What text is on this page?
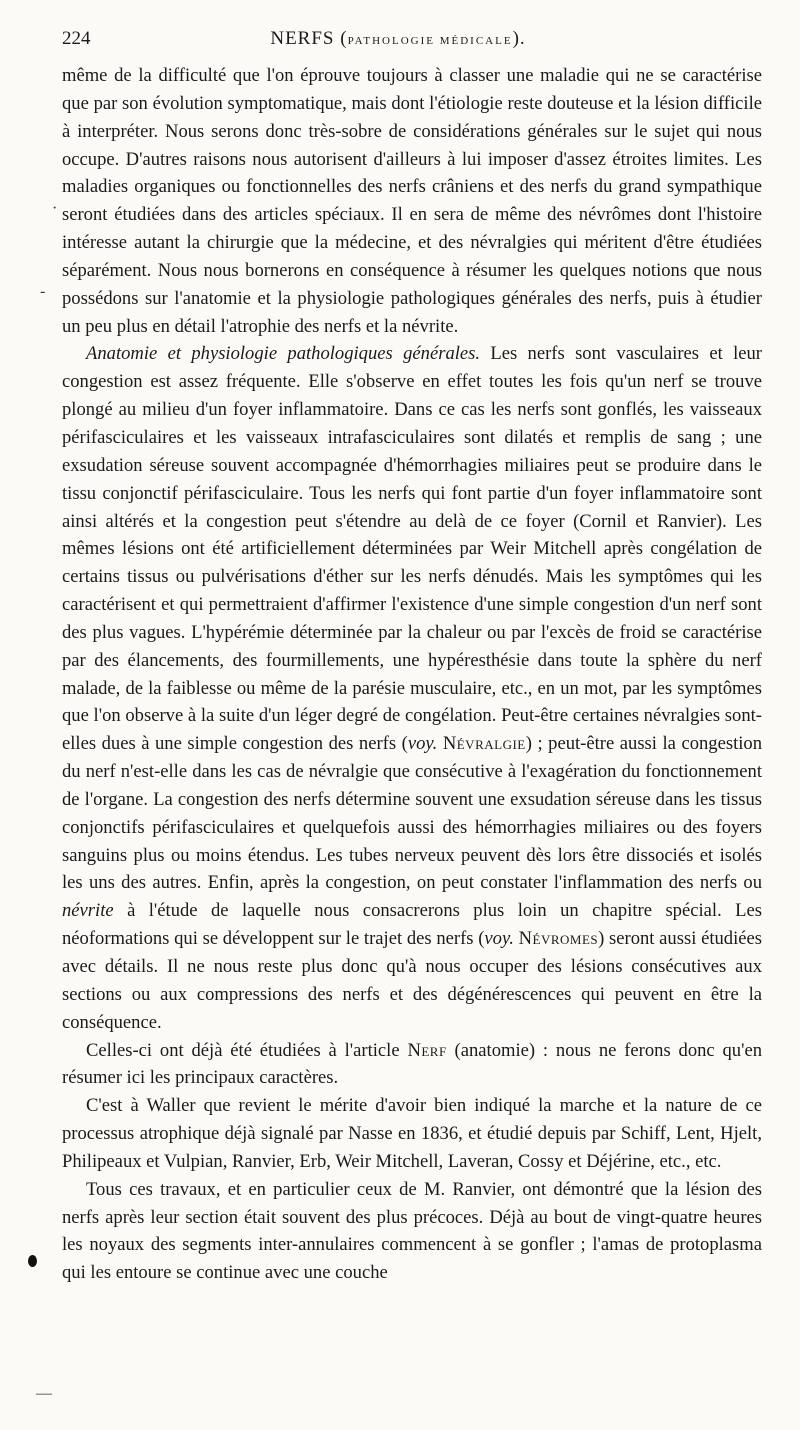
224	NERFS (PATHOLOGIE MÉDICALE).

même de la difficulté que l'on éprouve toujours à classer une maladie qui ne se caractérise que par son évolution symptomatique, mais dont l'étiologie reste douteuse et la lésion difficile à interpréter. Nous serons donc très-sobre de considérations générales sur le sujet qui nous occupe. D'autres raisons nous autorisent d'ailleurs à lui imposer d'assez étroites limites. Les maladies organiques ou fonctionnelles des nerfs crâniens et des nerfs du grand sympathique seront étudiées dans des articles spéciaux. Il en sera de même des névrômes dont l'histoire intéresse autant la chirurgie que la médecine, et des névralgies qui méritent d'être étudiées séparément. Nous nous bornerons en conséquence à résumer les quelques notions que nous possédons sur l'anatomie et la physiologie pathologiques générales des nerfs, puis à étudier un peu plus en détail l'atrophie des nerfs et la névrite.

Anatomie et physiologie pathologiques générales. Les nerfs sont vasculaires et leur congestion est assez fréquente. Elle s'observe en effet toutes les fois qu'un nerf se trouve plongé au milieu d'un foyer inflammatoire. Dans ce cas les nerfs sont gonflés, les vaisseaux périfasciculaires et les vaisseaux intrafasciculaires sont dilatés et remplis de sang ; une exsudation séreuse souvent accompagnée d'hémorrhagies miliaires peut se produire dans le tissu conjonctif périfasciculaire. Tous les nerfs qui font partie d'un foyer inflammatoire sont ainsi altérés et la congestion peut s'étendre au delà de ce foyer (Cornil et Ranvier). Les mêmes lésions ont été artificiellement déterminées par Weir Mitchell après congélation de certains tissus ou pulvérisations d'éther sur les nerfs dénudés. Mais les symptômes qui les caractérisent et qui permettraient d'affirmer l'existence d'une simple congestion d'un nerf sont des plus vagues. L'hypérémie déterminée par la chaleur ou par l'excès de froid se caractérise par des élancements, des fourmillements, une hypéresthésie dans toute la sphère du nerf malade, de la faiblesse ou même de la parésie musculaire, etc., en un mot, par les symptômes que l'on observe à la suite d'un léger degré de congélation. Peut-être certaines névralgies sont-elles dues à une simple congestion des nerfs (voy. Névralgie) ; peut-être aussi la congestion du nerf n'est-elle dans les cas de névralgie que consécutive à l'exagération du fonctionnement de l'organe. La congestion des nerfs détermine souvent une exsudation séreuse dans les tissus conjonctifs périfasciculaires et quelquefois aussi des hémorrhagies miliaires ou des foyers sanguins plus ou moins étendus. Les tubes nerveux peuvent dès lors être dissociés et isolés les uns des autres. Enfin, après la congestion, on peut constater l'inflammation des nerfs ou névrite à l'étude de laquelle nous consacrerons plus loin un chapitre spécial. Les néoformations qui se développent sur le trajet des nerfs (voy. Névromes) seront aussi étudiées avec détails. Il ne nous reste plus donc qu'à nous occuper des lésions consécutives aux sections ou aux compressions des nerfs et des dégénérescences qui peuvent en être la conséquence.

Celles-ci ont déjà été étudiées à l'article Nerf (anatomie) : nous ne ferons donc qu'en résumer ici les principaux caractères.

C'est à Waller que revient le mérite d'avoir bien indiqué la marche et la nature de ce processus atrophique déjà signalé par Nasse en 1836, et étudié depuis par Schiff, Lent, Hjelt, Philipeaux et Vulpian, Ranvier, Erb, Weir Mitchell, Laveran, Cossy et Déjérine, etc., etc.

Tous ces travaux, et en particulier ceux de M. Ranvier, ont démontré que la lésion des nerfs après leur section était souvent des plus précoces. Déjà au bout de vingt-quatre heures les noyaux des segments inter-annulaires commencent à se gonfler ; l'amas de protoplasma qui les entoure se continue avec une couche

-
·
—
